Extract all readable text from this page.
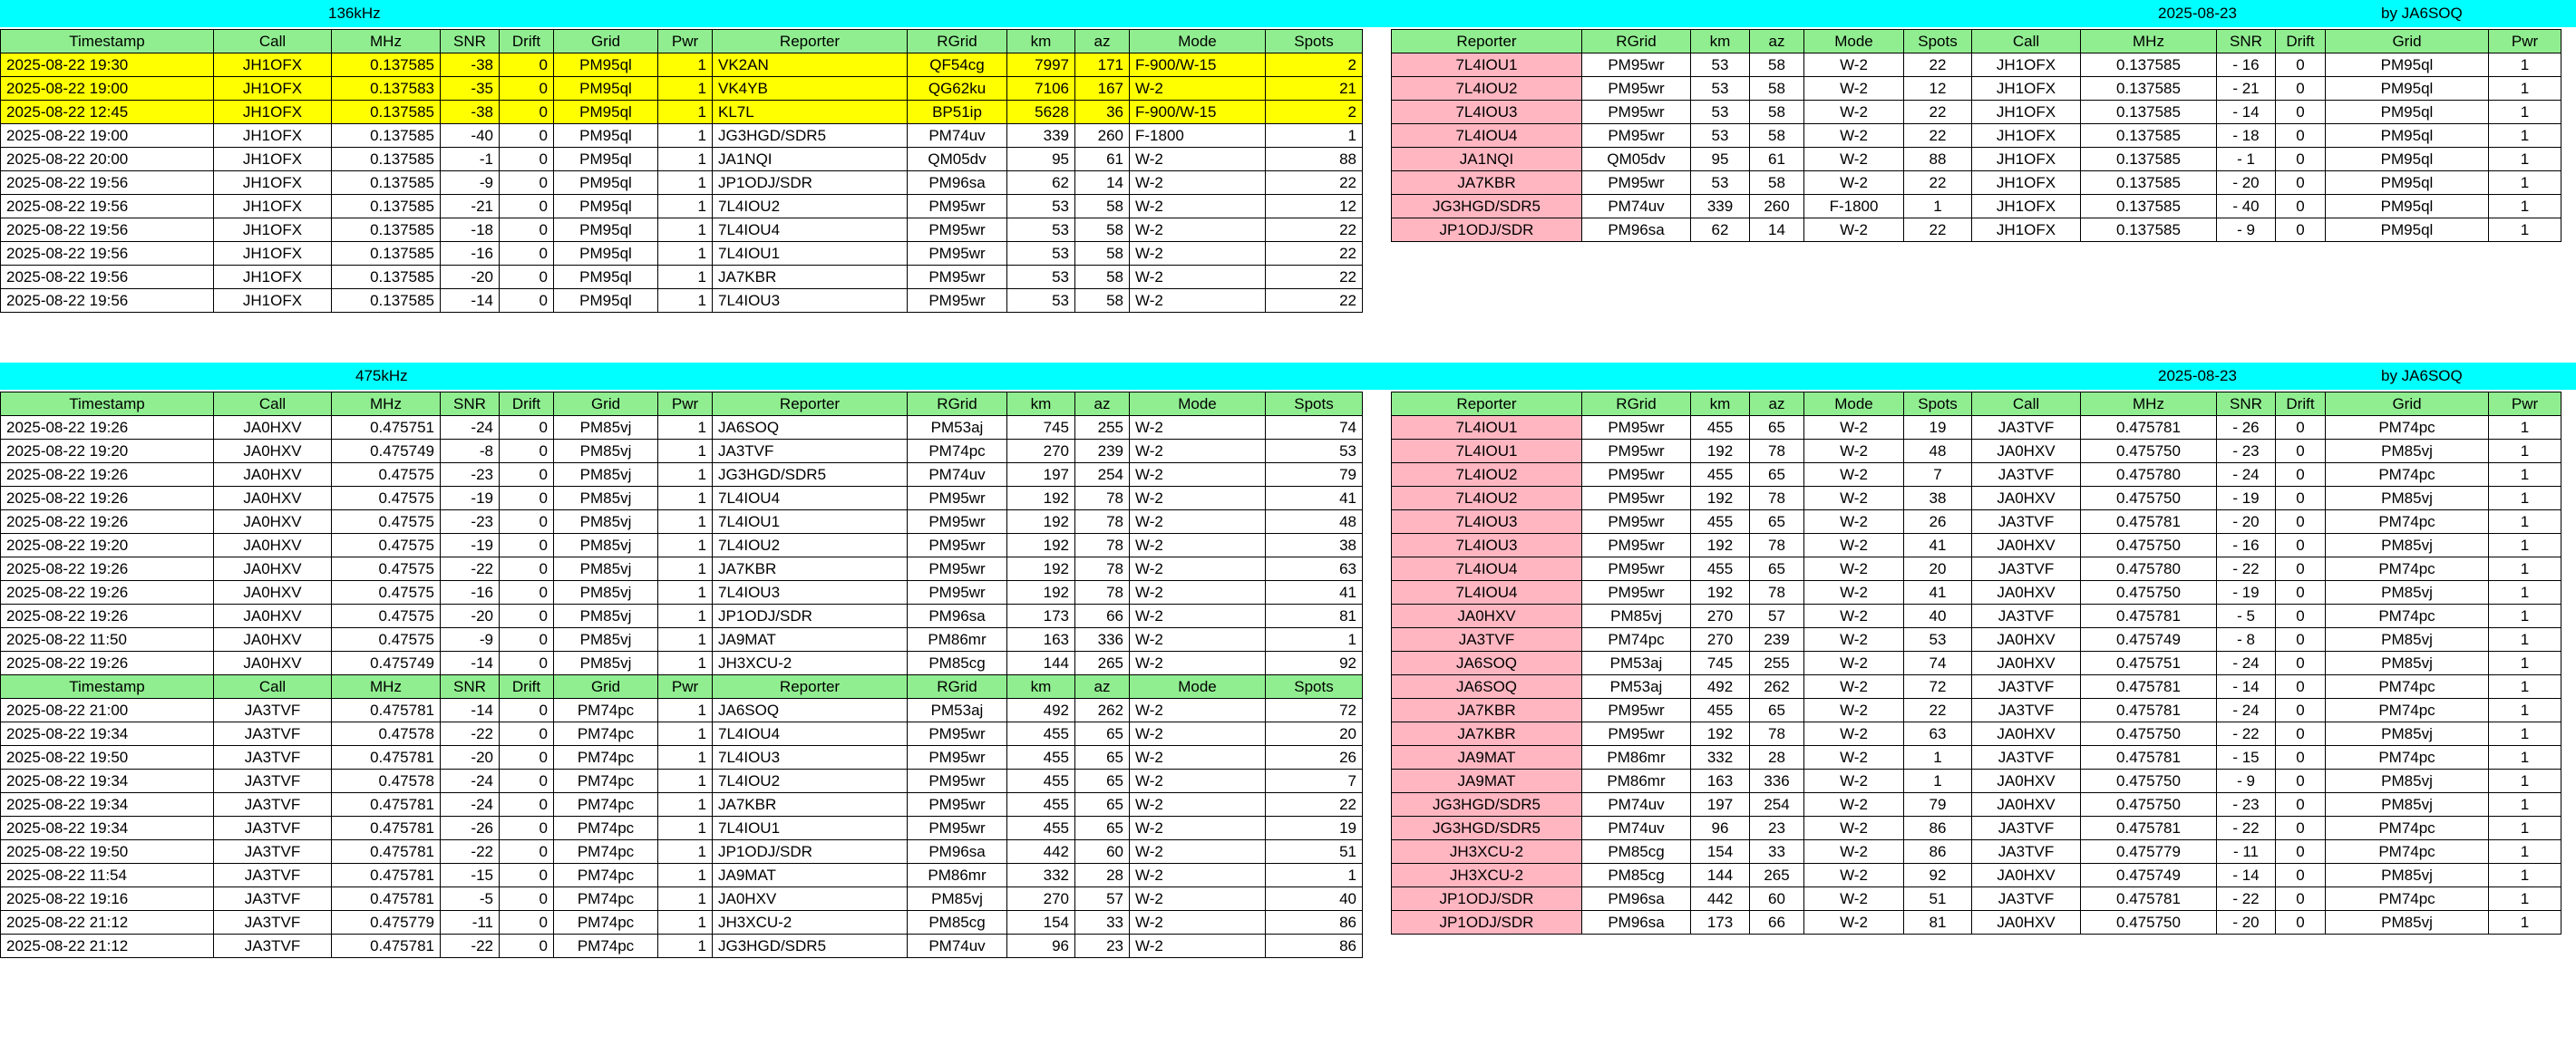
136kHz	2025-08-23	by JA6SOQ
Timestamp	Call	MHz	SNR	Drift	Grid	Pwr	Reporter	RGrid	km	az	Mode	Spots
2025-08-22 19:30	JH1OFX	0.137585	-38	0	PM95ql	1	VK2AN	QF54cg	7997	171	F-900/W-15	2
2025-08-22 19:00	JH1OFX	0.137583	-35	0	PM95ql	1	VK4YB	QG62ku	7106	167	W-2	21
2025-08-22 12:45	JH1OFX	0.137585	-38	0	PM95ql	1	KL7L	BP51ip	5628	36	F-900/W-15	2
2025-08-22 19:00	JH1OFX	0.137585	-40	0	PM95ql	1	JG3HGD/SDR5	PM74uv	339	260	F-1800	1
2025-08-22 20:00	JH1OFX	0.137585	-1	0	PM95ql	1	JA1NQI	QM05dv	95	61	W-2	88
2025-08-22 19:56	JH1OFX	0.137585	-9	0	PM95ql	1	JP1ODJ/SDR	PM96sa	62	14	W-2	22
2025-08-22 19:56	JH1OFX	0.137585	-21	0	PM95ql	1	7L4IOU2	PM95wr	53	58	W-2	12
2025-08-22 19:56	JH1OFX	0.137585	-18	0	PM95ql	1	7L4IOU4	PM95wr	53	58	W-2	22
2025-08-22 19:56	JH1OFX	0.137585	-16	0	PM95ql	1	7L4IOU1	PM95wr	53	58	W-2	22
2025-08-22 19:56	JH1OFX	0.137585	-20	0	PM95ql	1	JA7KBR	PM95wr	53	58	W-2	22
2025-08-22 19:56	JH1OFX	0.137585	-14	0	PM95ql	1	7L4IOU3	PM95wr	53	58	W-2	22
Reporter	RGrid	km	az	Mode	Spots	Call	MHz	SNR	Drift	Grid	Pwr
7L4IOU1	PM95wr	53	58	W-2	22	JH1OFX	0.137585	- 16	0	PM95ql	1
7L4IOU2	PM95wr	53	58	W-2	12	JH1OFX	0.137585	- 21	0	PM95ql	1
7L4IOU3	PM95wr	53	58	W-2	22	JH1OFX	0.137585	- 14	0	PM95ql	1
7L4IOU4	PM95wr	53	58	W-2	22	JH1OFX	0.137585	- 18	0	PM95ql	1
JA1NQI	QM05dv	95	61	W-2	88	JH1OFX	0.137585	- 1	0	PM95ql	1
JA7KBR	PM95wr	53	58	W-2	22	JH1OFX	0.137585	- 20	0	PM95ql	1
JG3HGD/SDR5	PM74uv	339	260	F-1800	1	JH1OFX	0.137585	- 40	0	PM95ql	1
JP1ODJ/SDR	PM96sa	62	14	W-2	22	JH1OFX	0.137585	- 9	0	PM95ql	1
475kHz	2025-08-23	by JA6SOQ
Timestamp	Call	MHz	SNR	Drift	Grid	Pwr	Reporter	RGrid	km	az	Mode	Spots
2025-08-22 19:26	JA0HXV	0.475751	-24	0	PM85vj	1	JA6SOQ	PM53aj	745	255	W-2	74
2025-08-22 19:20	JA0HXV	0.475749	-8	0	PM85vj	1	JA3TVF	PM74pc	270	239	W-2	53
2025-08-22 19:26	JA0HXV	0.47575	-23	0	PM85vj	1	JG3HGD/SDR5	PM74uv	197	254	W-2	79
2025-08-22 19:26	JA0HXV	0.47575	-19	0	PM85vj	1	7L4IOU4	PM95wr	192	78	W-2	41
2025-08-22 19:26	JA0HXV	0.47575	-23	0	PM85vj	1	7L4IOU1	PM95wr	192	78	W-2	48
2025-08-22 19:20	JA0HXV	0.47575	-19	0	PM85vj	1	7L4IOU2	PM95wr	192	78	W-2	38
2025-08-22 19:26	JA0HXV	0.47575	-22	0	PM85vj	1	JA7KBR	PM95wr	192	78	W-2	63
2025-08-22 19:26	JA0HXV	0.47575	-16	0	PM85vj	1	7L4IOU3	PM95wr	192	78	W-2	41
2025-08-22 19:26	JA0HXV	0.47575	-20	0	PM85vj	1	JP1ODJ/SDR	PM96sa	173	66	W-2	81
2025-08-22 11:50	JA0HXV	0.47575	-9	0	PM85vj	1	JA9MAT	PM86mr	163	336	W-2	1
2025-08-22 19:26	JA0HXV	0.475749	-14	0	PM85vj	1	JH3XCU-2	PM85cg	144	265	W-2	92
Timestamp	Call	MHz	SNR	Drift	Grid	Pwr	Reporter	RGrid	km	az	Mode	Spots
2025-08-22 21:00	JA3TVF	0.475781	-14	0	PM74pc	1	JA6SOQ	PM53aj	492	262	W-2	72
2025-08-22 19:34	JA3TVF	0.47578	-22	0	PM74pc	1	7L4IOU4	PM95wr	455	65	W-2	20
2025-08-22 19:50	JA3TVF	0.475781	-20	0	PM74pc	1	7L4IOU3	PM95wr	455	65	W-2	26
2025-08-22 19:34	JA3TVF	0.47578	-24	0	PM74pc	1	7L4IOU2	PM95wr	455	65	W-2	7
2025-08-22 19:34	JA3TVF	0.475781	-24	0	PM74pc	1	JA7KBR	PM95wr	455	65	W-2	22
2025-08-22 19:34	JA3TVF	0.475781	-26	0	PM74pc	1	7L4IOU1	PM95wr	455	65	W-2	19
2025-08-22 19:50	JA3TVF	0.475781	-22	0	PM74pc	1	JP1ODJ/SDR	PM96sa	442	60	W-2	51
2025-08-22 11:54	JA3TVF	0.475781	-15	0	PM74pc	1	JA9MAT	PM86mr	332	28	W-2	1
2025-08-22 19:16	JA3TVF	0.475781	-5	0	PM74pc	1	JA0HXV	PM85vj	270	57	W-2	40
2025-08-22 21:12	JA3TVF	0.475779	-11	0	PM74pc	1	JH3XCU-2	PM85cg	154	33	W-2	86
2025-08-22 21:12	JA3TVF	0.475781	-22	0	PM74pc	1	JG3HGD/SDR5	PM74uv	96	23	W-2	86
Reporter	RGrid	km	az	Mode	Spots	Call	MHz	SNR	Drift	Grid	Pwr
7L4IOU1	PM95wr	455	65	W-2	19	JA3TVF	0.475781	- 26	0	PM74pc	1
7L4IOU1	PM95wr	192	78	W-2	48	JA0HXV	0.475750	- 23	0	PM85vj	1
7L4IOU2	PM95wr	455	65	W-2	7	JA3TVF	0.475780	- 24	0	PM74pc	1
7L4IOU2	PM95wr	192	78	W-2	38	JA0HXV	0.475750	- 19	0	PM85vj	1
7L4IOU3	PM95wr	455	65	W-2	26	JA3TVF	0.475781	- 20	0	PM74pc	1
7L4IOU3	PM95wr	192	78	W-2	41	JA0HXV	0.475750	- 16	0	PM85vj	1
7L4IOU4	PM95wr	455	65	W-2	20	JA3TVF	0.475780	- 22	0	PM74pc	1
7L4IOU4	PM95wr	192	78	W-2	41	JA0HXV	0.475750	- 19	0	PM85vj	1
JA0HXV	PM85vj	270	57	W-2	40	JA3TVF	0.475781	- 5	0	PM74pc	1
JA3TVF	PM74pc	270	239	W-2	53	JA0HXV	0.475749	- 8	0	PM85vj	1
JA6SOQ	PM53aj	745	255	W-2	74	JA0HXV	0.475751	- 24	0	PM85vj	1
JA6SOQ	PM53aj	492	262	W-2	72	JA3TVF	0.475781	- 14	0	PM74pc	1
JA7KBR	PM95wr	455	65	W-2	22	JA3TVF	0.475781	- 24	0	PM74pc	1
JA7KBR	PM95wr	192	78	W-2	63	JA0HXV	0.475750	- 22	0	PM85vj	1
JA9MAT	PM86mr	332	28	W-2	1	JA3TVF	0.475781	- 15	0	PM74pc	1
JA9MAT	PM86mr	163	336	W-2	1	JA0HXV	0.475750	- 9	0	PM85vj	1
JG3HGD/SDR5	PM74uv	197	254	W-2	79	JA0HXV	0.475750	- 23	0	PM85vj	1
JG3HGD/SDR5	PM74uv	96	23	W-2	86	JA3TVF	0.475781	- 22	0	PM74pc	1
JH3XCU-2	PM85cg	154	33	W-2	86	JA3TVF	0.475779	- 11	0	PM74pc	1
JH3XCU-2	PM85cg	144	265	W-2	92	JA0HXV	0.475749	- 14	0	PM85vj	1
JP1ODJ/SDR	PM96sa	442	60	W-2	51	JA3TVF	0.475781	- 22	0	PM74pc	1
JP1ODJ/SDR	PM96sa	173	66	W-2	81	JA0HXV	0.475750	- 20	0	PM85vj	1
